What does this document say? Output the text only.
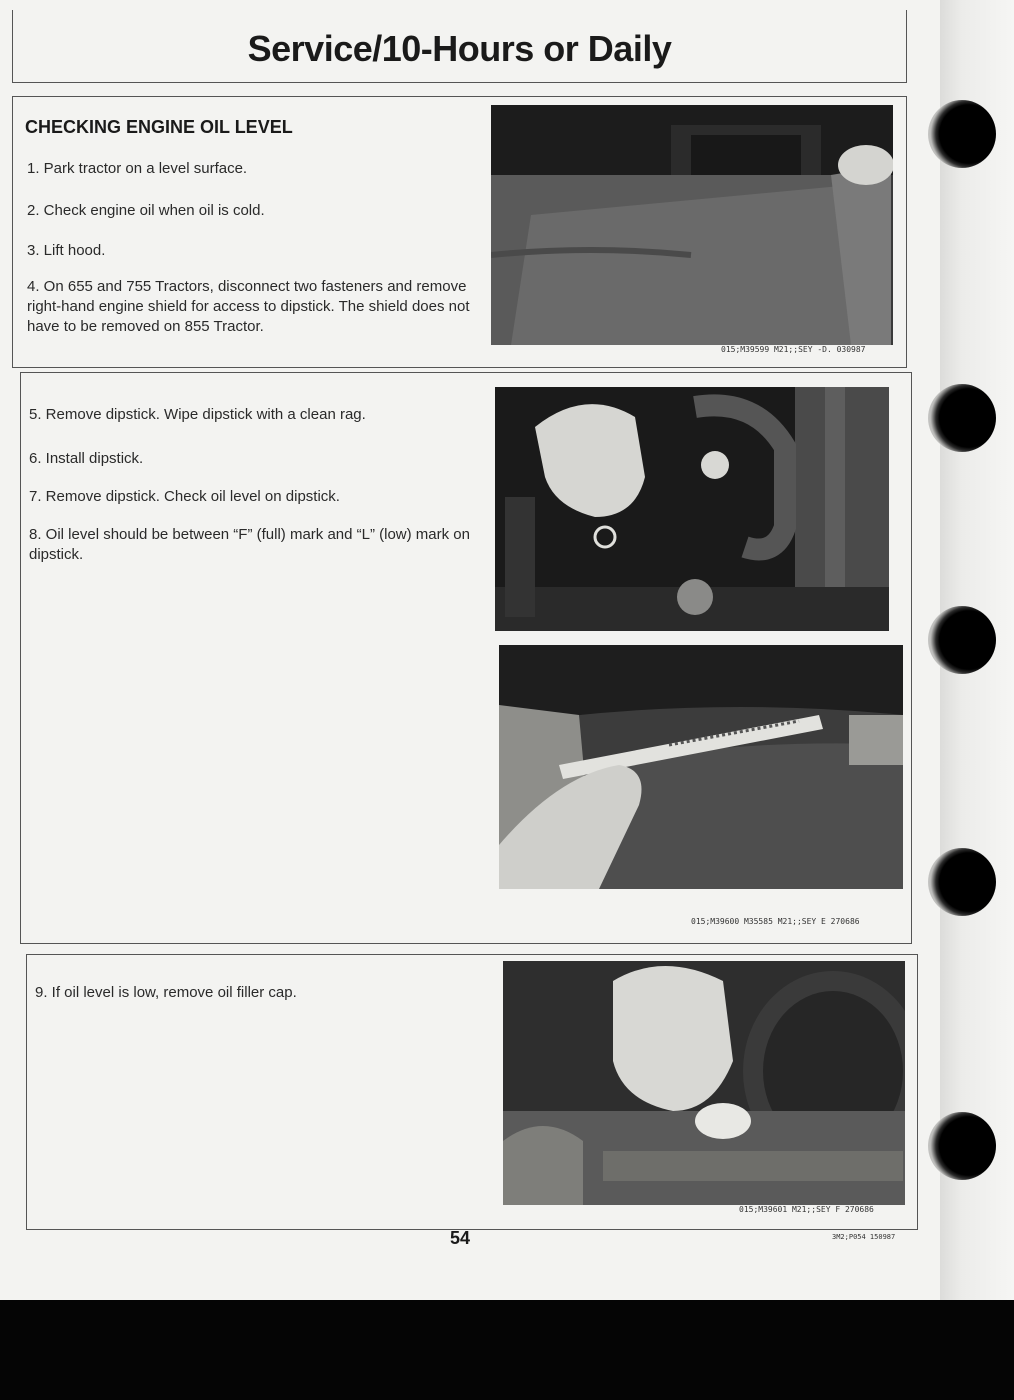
Service/10-Hours or Daily
CHECKING ENGINE OIL LEVEL
1. Park tractor on a level surface.
2. Check engine oil when oil is cold.
3. Lift hood.
4. On 655 and 755 Tractors, disconnect two fasteners and remove right-hand engine shield for access to dipstick. The shield does not have to be removed on 855 Tractor.
015;M39599 M21;;SEY -D. 030987
5. Remove dipstick. Wipe dipstick with a clean rag.
6. Install dipstick.
7. Remove dipstick. Check oil level on dipstick.
8. Oil level should be between “F” (full) mark and “L” (low) mark on dipstick.
015;M39600 M35585 M21;;SEY E 270686
9. If oil level is low, remove oil filler cap.
015;M39601 M21;;SEY F 270686
54	3M2;P054 150987
